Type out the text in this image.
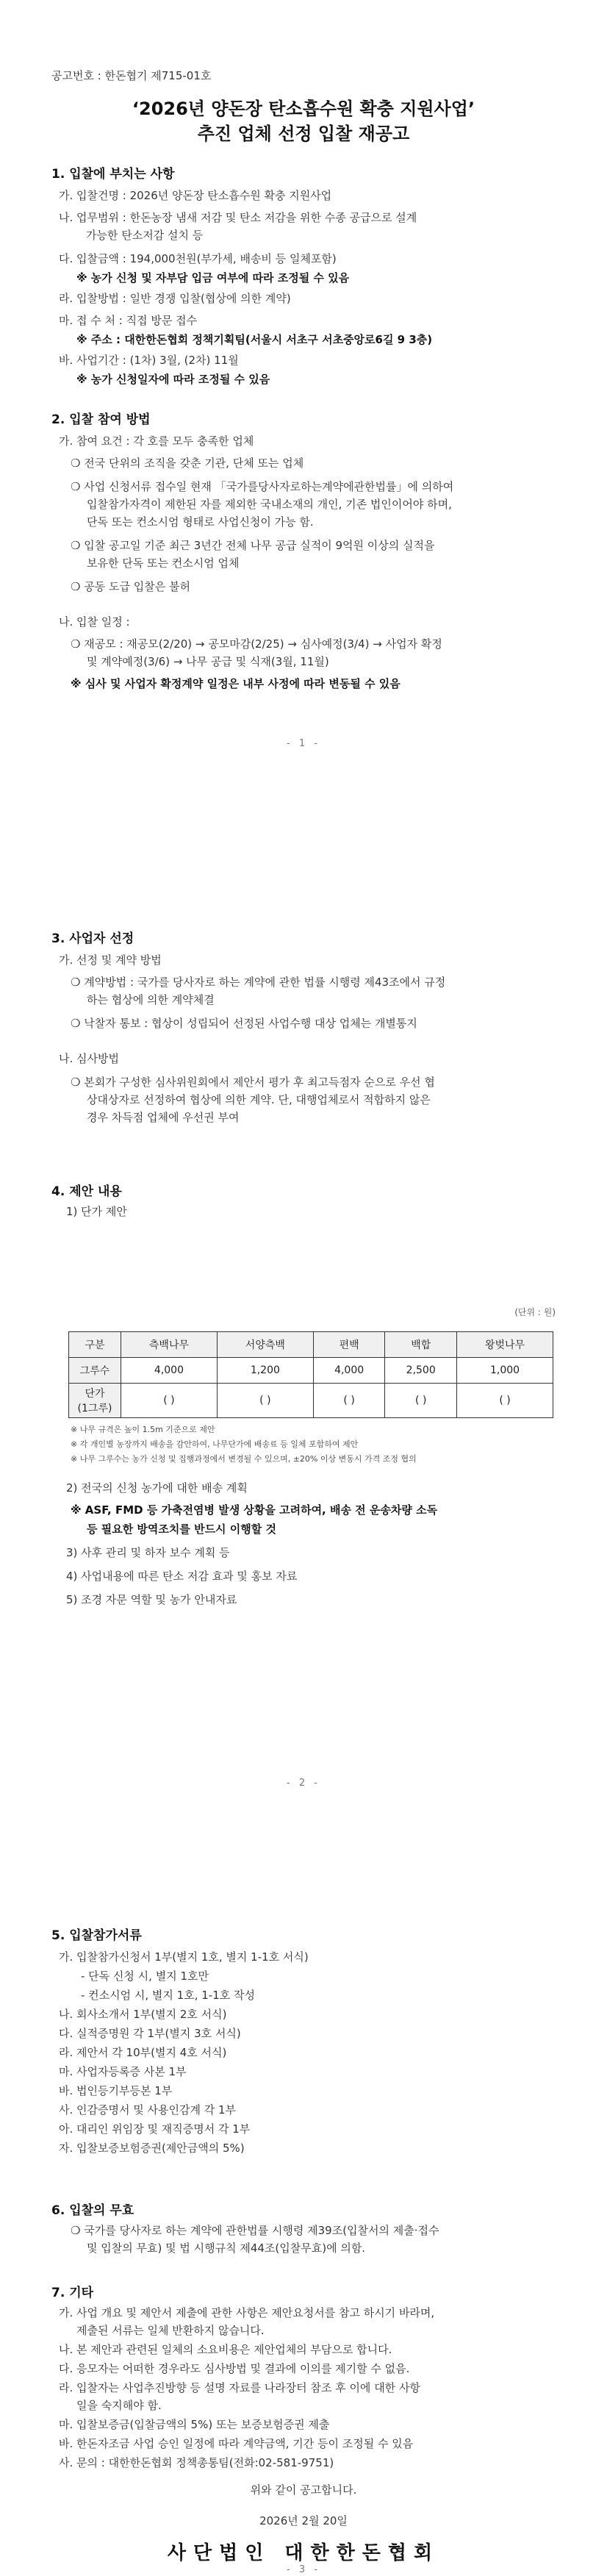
공고번호 : 한돈협기 제715-01호
‘2026년 양돈장 탄소흡수원 확충 지원사업’
추진 업체 선정 입찰 재공고
1. 입찰에 부치는 사항
가. 입찰건명 : 2026년 양돈장 탄소흡수원 확충 지원사업
나. 업무범위 : 한돈농장 냄새 저감 및 탄소 저감을 위한 수종 공급으로 설계
가능한 탄소저감 설치 등
다. 입찰금액 : 194,000천원(부가세, 배송비 등 일체포함)
※ 농가 신청 및 자부담 입금 여부에 따라 조정될 수 있음
라. 입찰방법 : 일반 경쟁 입찰(협상에 의한 계약)
마. 접 수 처 : 직접 방문 접수
※ 주소 : 대한한돈협회 정책기획팀(서울시 서초구 서초중앙로6길 9 3층)
바. 사업기간 : (1차) 3월, (2차) 11월
※ 농가 신청일자에 따라 조정될 수 있음
2. 입찰 참여 방법
가. 참여 요건 : 각 호를 모두 충족한 업체
❍ 전국 단위의 조직을 갖춘 기관, 단체 또는 업체
❍ 사업 신청서류 접수일 현재 「국가를당사자로하는계약에관한법률」에 의하여
입찰참가자격이 제한된 자를 제외한 국내소재의 개인, 기존 법인이어야 하며,
단독 또는 컨소시엄 형태로 사업신청이 가능 함.
❍ 입찰 공고일 기준 최근 3년간 전체 나무 공급 실적이 9억원 이상의 실적을
보유한 단독 또는 컨소시엄 업체
❍ 공동 도급 입찰은 불허
나. 입찰 일정 :
❍ 재공모 : 재공모(2/20) → 공모마감(2/25) → 심사예정(3/4) → 사업자 확정
및 계약예정(3/6) → 나무 공급 및 식재(3월, 11월)
※ 심사 및 사업자 확정계약 일정은 내부 사정에 따라 변동될 수 있음
- 1 -
3. 사업자 선정
가. 선정 및 계약 방법
❍ 계약방법 : 국가를 당사자로 하는 계약에 관한 법률 시행령 제43조에서 규정
하는 협상에 의한 계약체결
❍ 낙찰자 통보 : 협상이 성립되어 선정된 사업수행 대상 업체는 개별통지
나. 심사방법
❍ 본회가 구성한 심사위원회에서 제안서 평가 후 최고득점자 순으로 우선 협
상대상자로 선정하여 협상에 의한 계약. 단, 대행업체로서 적합하지 않은
경우 차득점 업체에 우선권 부여
4. 제안 내용
1) 단가 제안
(단위 : 원)
구분	측백나무	서양측백	편백	백합	왕벚나무
그루수	4,000	1,200	4,000	2,500	1,000
단가
(1그루)	( )	( )	( )	( )	( )
※ 나무 규격은 높이 1.5m 기준으로 제안
※ 각 개인별 농장까지 배송을 감안하여, 나무단가에 배송료 등 일체 포함하여 제안
※ 나무 그루수는 농가 신청 및 집행과정에서 변경될 수 있으며, ±20% 이상 변동시 가격 조정 협의
2) 전국의 신청 농가에 대한 배송 계획
※ ASF, FMD 등 가축전염병 발생 상황을 고려하여, 배송 전 운송차량 소독
등 필요한 방역조치를 반드시 이행할 것
3) 사후 관리 및 하자 보수 계획 등
4) 사업내용에 따른 탄소 저감 효과 및 홍보 자료
5) 조경 자문 역할 및 농가 안내자료
- 2 -
5. 입찰참가서류
가. 입찰참가신청서 1부(별지 1호, 별지 1-1호 서식)
- 단독 신청 시, 별지 1호만
- 컨소시엄 시, 별지 1호, 1-1호 작성
나. 회사소개서 1부(별지 2호 서식)
다. 실적증명원 각 1부(별지 3호 서식)
라. 제안서 각 10부(별지 4호 서식)
마. 사업자등록증 사본 1부
바. 법인등기부등본 1부
사. 인감증명서 및 사용인감계 각 1부
아. 대리인 위임장 및 재직증명서 각 1부
자. 입찰보증보험증권(제안금액의 5%)
6. 입찰의 무효
❍ 국가를 당사자로 하는 계약에 관한법률 시행령 제39조(입찰서의 제출·접수
및 입찰의 무효) 및 법 시행규칙 제44조(입찰무효)에 의함.
7. 기타
가. 사업 개요 및 제안서 제출에 관한 사항은 제안요청서를 참고 하시기 바라며,
제출된 서류는 일체 반환하지 않습니다.
나. 본 제안과 관련된 일체의 소요비용은 제안업체의 부담으로 합니다.
다. 응모자는 어떠한 경우라도 심사방법 및 결과에 이의를 제기할 수 없음.
라. 입찰자는 사업추진방향 등 설명 자료를 나라장터 참조 후 이에 대한 사항
일을 숙지해야 함.
마. 입찰보증금(입찰금액의 5%) 또는 보증보험증권 제출
바. 한돈자조금 사업 승인 일정에 따라 계약금액, 기간 등이 조정될 수 있음
사. 문의 : 대한한돈협회 정책총통팀(전화:02-581-9751)
위와 같이 공고합니다.
2026년 2월 20일
사단법인 대한한돈협회
- 3 -
